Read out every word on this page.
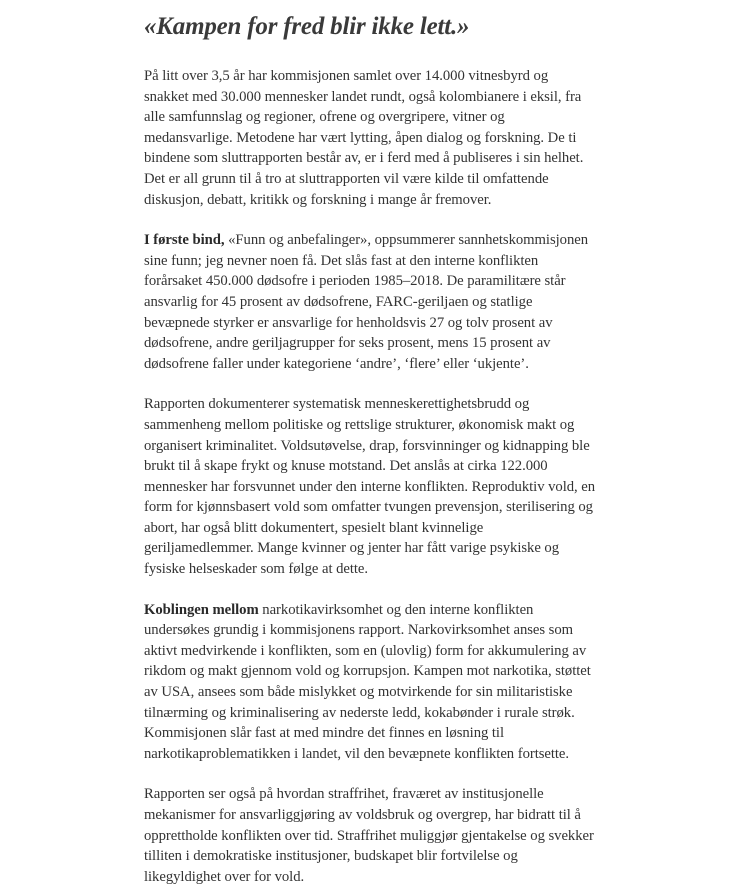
«Kampen for fred blir ikke lett.»

På litt over 3,5 år har kommisjonen samlet over 14.000 vitnesbyrd og snakket med 30.000 mennesker landet rundt, også kolombianere i eksil, fra alle samfunnslag og regioner, ofrene og overgripere, vitner og medansvarlige. Metodene har vært lytting, åpen dialog og forskning. De ti bindene som sluttrapporten består av, er i ferd med å publiseres i sin helhet. Det er all grunn til å tro at sluttrapporten vil være kilde til omfattende diskusjon, debatt, kritikk og forskning i mange år fremover.

I første bind, «Funn og anbefalinger», oppsummerer sannhetskommisjonen sine funn; jeg nevner noen få. Det slås fast at den interne konflikten forårsaket 450.000 dødsofre i perioden 1985–2018. De paramilitære står ansvarlig for 45 prosent av dødsofrene, FARC-geriljaen og statlige bevæpnede styrker er ansvarlige for henholdsvis 27 og tolv prosent av dødsofrene, andre geriljagrupper for seks prosent, mens 15 prosent av dødsofrene faller under kategoriene ‘andre’, ‘flere’ eller ‘ukjente’.

Rapporten dokumenterer systematisk menneskerettighetsbrudd og sammenheng mellom politiske og rettslige strukturer, økonomisk makt og organisert kriminalitet. Voldsutøvelse, drap, forsvinninger og kidnapping ble brukt til å skape frykt og knuse motstand. Det anslås at cirka 122.000 mennesker har forsvunnet under den interne konflikten. Reproduktiv vold, en form for kjønnsbasert vold som omfatter tvungen prevensjon, sterilisering og abort, har også blitt dokumentert, spesielt blant kvinnelige geriljamedlemmer. Mange kvinner og jenter har fått varige psykiske og fysiske helseskader som følge at dette.

Koblingen mellom narkotikavirksomhet og den interne konflikten undersøkes grundig i kommisjonens rapport. Narkovirksomhet anses som aktivt medvirkende i konflikten, som en (ulovlig) form for akkumulering av rikdom og makt gjennom vold og korrupsjon. Kampen mot narkotika, støttet av USA, ansees som både mislykket og motvirkende for sin militaristiske tilnærming og kriminalisering av nederste ledd, kokabønder i rurale strøk. Kommisjonen slår fast at med mindre det finnes en løsning til narkotikaproblematikken i landet, vil den bevæpnete konflikten fortsette.

Rapporten ser også på hvordan straffrihet, fraværet av institusjonelle mekanismer for ansvarliggjøring av voldsbruk og overgrep, har bidratt til å opprettholde konflikten over tid. Straffrihet muliggjør gjentakelse og svekker tilliten i demokratiske institusjoner, budskapet blir fortvilelse og likegyldighet over for vold.
